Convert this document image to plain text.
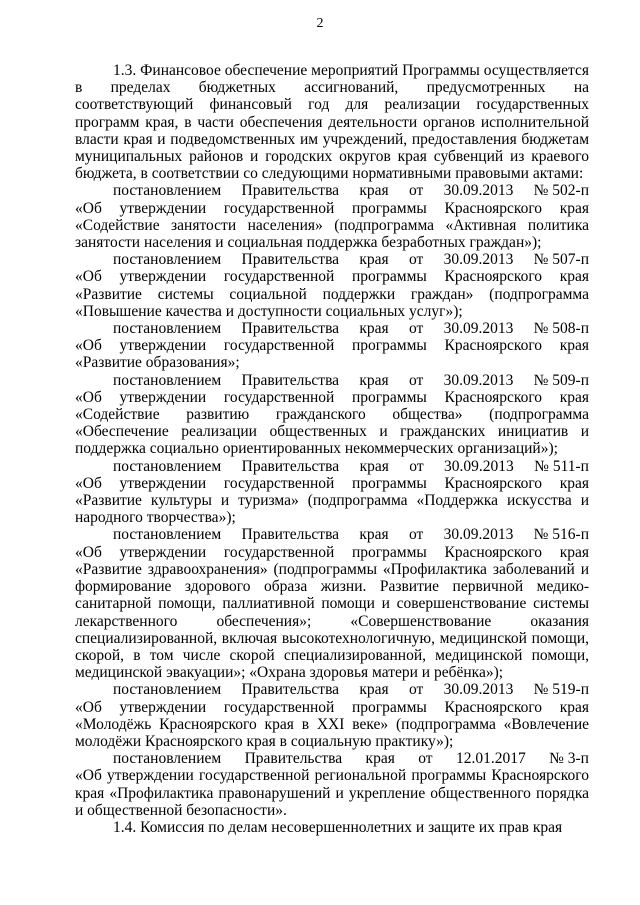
2

1.3. Финансовое обеспечение мероприятий Программы осуществляется в пределах бюджетных ассигнований, предусмотренных на соответствующий финансовый год для реализации государственных программ края, в части обеспечения деятельности органов исполнительной власти края и подведомственных им учреждений, предоставления бюджетам муниципальных районов и городских округов края субвенций из краевого бюджета, в соответствии со следующими нормативными правовыми актами:

постановлением Правительства края от 30.09.2013 № 502-п

«Об утверждении государственной программы Красноярского края «Содействие занятости населения» (подпрограмма «Активная политика занятости населения и социальная поддержка безработных граждан»);

постановлением Правительства края от 30.09.2013 № 507-п

«Об утверждении государственной программы Красноярского края «Развитие системы социальной поддержки граждан» (подпрограмма «Повышение качества и доступности социальных услуг»);

постановлением Правительства края от 30.09.2013 № 508-п

«Об утверждении государственной программы Красноярского края «Развитие образования»;

постановлением Правительства края от 30.09.2013 № 509-п

«Об утверждении государственной программы Красноярского края «Содействие развитию гражданского общества» (подпрограмма «Обеспечение реализации общественных и гражданских инициатив и поддержка социально ориентированных некоммерческих организаций»);

постановлением Правительства края от 30.09.2013 № 511-п

«Об утверждении государственной программы Красноярского края «Развитие культуры и туризма» (подпрограмма «Поддержка искусства и народного творчества»);

постановлением Правительства края от 30.09.2013 № 516-п

«Об утверждении государственной программы Красноярского края «Развитие здравоохранения» (подпрограммы «Профилактика заболеваний и формирование здорового образа жизни. Развитие первичной медико-санитарной помощи, паллиативной помощи и совершенствование системы лекарственного обеспечения»; «Совершенствование оказания специализированной, включая высокотехнологичную, медицинской помощи, скорой, в том числе скорой специализированной, медицинской помощи, медицинской эвакуации»; «Охрана здоровья матери и ребёнка»);

постановлением Правительства края от 30.09.2013 № 519-п

«Об утверждении государственной программы Красноярского края «Молодёжь Красноярского края в XXI веке» (подпрограмма «Вовлечение молодёжи Красноярского края в социальную практику»);

постановлением Правительства края от 12.01.2017 № 3-п

«Об утверждении государственной региональной программы Красноярского края «Профилактика правонарушений и укрепление общественного порядка и общественной безопасности».

1.4. Комиссия по делам несовершеннолетних и защите их прав края
